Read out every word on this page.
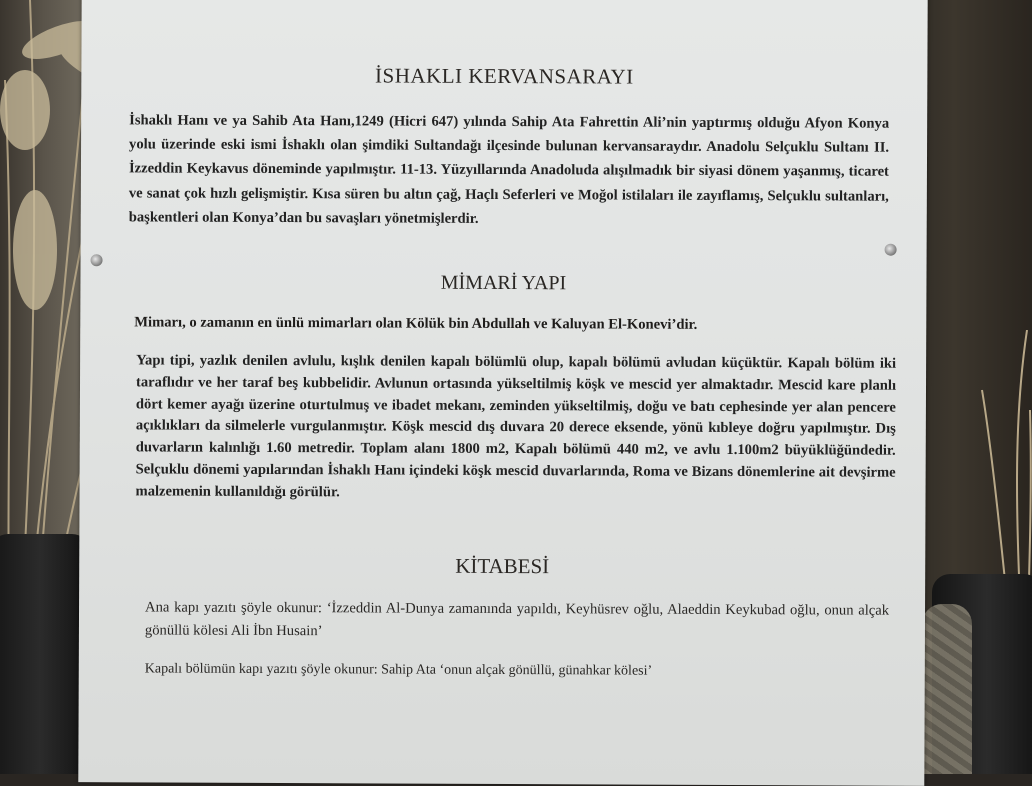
İSHAKLI KERVANSARAYI

İshaklı Hanı ve ya Sahib Ata Hanı,1249 (Hicri 647) yılında Sahip Ata Fahrettin Ali’nin yaptırmış olduğu Afyon Konya yolu üzerinde eski ismi İshaklı olan şimdiki Sultandağı ilçesinde bulunan kervansaraydır. Anadolu Selçuklu Sultanı II. İzzeddin Keykavus döneminde yapılmıştır. 11-13. Yüzyıllarında Anadoluda alışılmadık bir siyasi dönem yaşanmış, ticaret ve sanat çok hızlı gelişmiştir. Kısa süren bu altın çağ, Haçlı Seferleri ve Moğol istilaları ile zayıflamış, Selçuklu sultanları, başkentleri olan Konya’dan bu savaşları yönetmişlerdir.

MİMARİ YAPI

Mimarı, o zamanın en ünlü mimarları olan Kölük bin Abdullah ve Kaluyan El-Konevi’dir.

Yapı tipi, yazlık denilen avlulu, kışlık denilen kapalı bölümlü olup, kapalı bölümü avludan küçüktür. Kapalı bölüm iki taraflıdır ve her taraf beş kubbelidir. Avlunun ortasında yükseltilmiş köşk ve mescid yer almaktadır. Mescid kare planlı dört kemer ayağı üzerine oturtulmuş ve ibadet mekanı, zeminden yükseltilmiş, doğu ve batı cephesinde yer alan pencere açıklıkları da silmelerle vurgulanmıştır. Köşk mescid dış duvara 20 derece eksende, yönü kıbleye doğru yapılmıştır. Dış duvarların kalınlığı 1.60 metredir. Toplam alanı 1800 m2, Kapalı bölümü 440 m2, ve avlu 1.100m2 büyüklüğündedir. Selçuklu dönemi yapılarından İshaklı Hanı içindeki köşk mescid duvarlarında, Roma ve Bizans dönemlerine ait devşirme malzemenin kullanıldığı görülür.

KİTABESİ

Ana kapı yazıtı şöyle okunur: ‘İzzeddin Al-Dunya zamanında yapıldı, Keyhüsrev oğlu, Alaeddin Keykubad oğlu, onun alçak gönüllü kölesi Ali İbn Husain’

Kapalı bölümün kapı yazıtı şöyle okunur: Sahip Ata ‘onun alçak gönüllü, günahkar kölesi’
